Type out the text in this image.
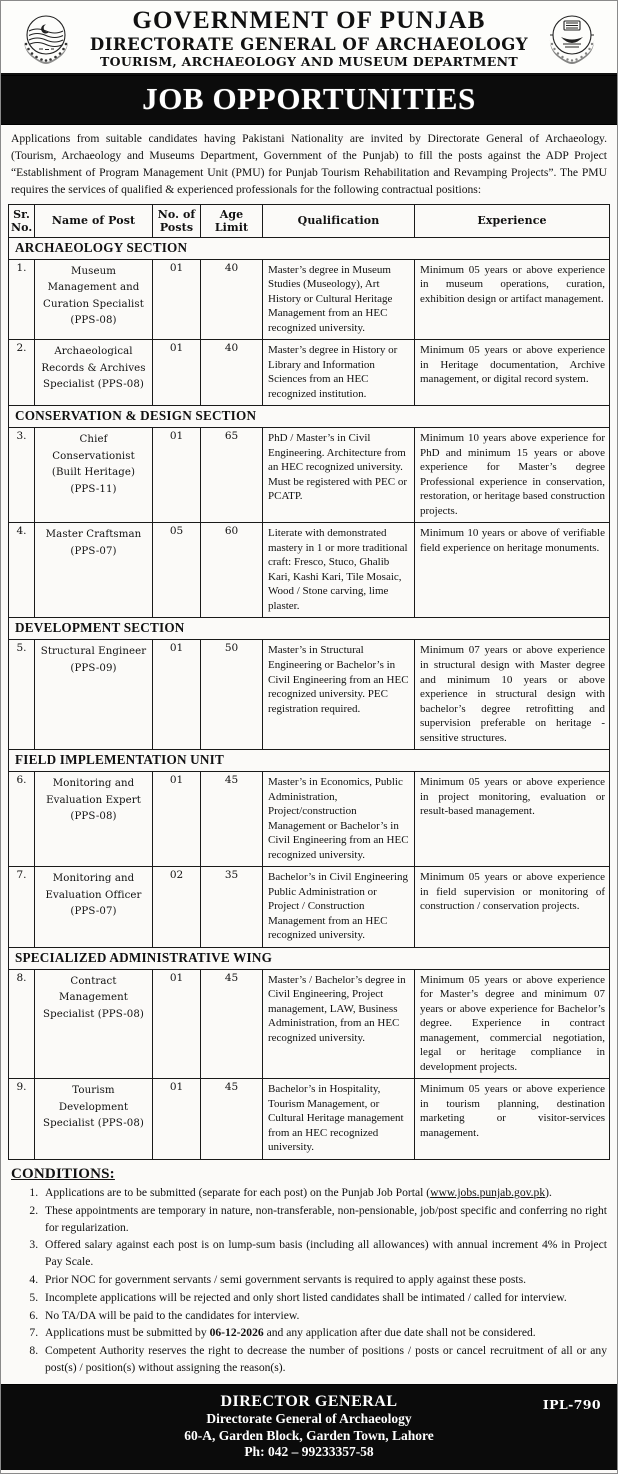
GOVERNMENT OF PUNJAB
DIRECTORATE GENERAL OF ARCHAEOLOGY
TOURISM, ARCHAEOLOGY AND MUSEUM DEPARTMENT
JOB OPPORTUNITIES
Applications from suitable candidates having Pakistani Nationality are invited by Directorate General of Archaeology. (Tourism, Archaeology and Museums Department, Government of the Punjab) to fill the posts against the ADP Project “Establishment of Program Management Unit (PMU) for Punjab Tourism Rehabilitation and Revamping Projects”. The PMU requires the services of qualified & experienced professionals for the following contractual positions:
Sr. No.	Name of Post	No. of Posts	Age Limit	Qualification	Experience
ARCHAEOLOGY SECTION					
1.	Museum Management and Curation Specialist (PPS-08)	01	40	Master’s degree in Museum Studies (Museology), Art History or Cultural Heritage Management from an HEC recognized university.	Minimum 05 years or above experience in museum operations, curation, exhibition design or artifact management.
2.	Archaeological Records & Archives Specialist (PPS-08)	01	40	Master’s degree in History or Library and Information Sciences from an HEC recognized institution.	Minimum 05 years or above experience in Heritage documentation, Archive management, or digital record system.
CONSERVATION & DESIGN SECTION					
3.	Chief Conservationist (Built Heritage) (PPS-11)	01	65	PhD / Master’s in Civil Engineering. Architecture from an HEC recognized university. Must be registered with PEC or PCATP.	Minimum 10 years above experience for PhD and minimum 15 years or above experience for Master’s degree Professional experience in conservation, restoration, or heritage based construction projects.
4.	Master Craftsman (PPS-07)	05	60	Literate with demonstrated mastery in 1 or more traditional craft: Fresco, Stuco, Ghalib Kari, Kashi Kari, Tile Mosaic, Wood / Stone carving, lime plaster.	Minimum 10 years or above of verifiable field experience on heritage monuments.
DEVELOPMENT SECTION					
5.	Structural Engineer (PPS-09)	01	50	Master’s in Structural Engineering or Bachelor’s in Civil Engineering from an HEC recognized university. PEC registration required.	Minimum 07 years or above experience in structural design with Master degree and minimum 10 years or above experience in structural design with bachelor’s degree retrofitting and supervision preferable on heritage -sensitive structures.
FIELD IMPLEMENTATION UNIT					
6.	Monitoring and Evaluation Expert (PPS-08)	01	45	Master’s in Economics, Public Administration, Project/construction Management or Bachelor’s in Civil Engineering from an HEC recognized university.	Minimum 05 years or above experience in project monitoring, evaluation or result-based management.
7.	Monitoring and Evaluation Officer (PPS-07)	02	35	Bachelor’s in Civil Engineering Public Administration or Project / Construction Management from an HEC recognized university.	Minimum 05 years or above experience in field supervision or monitoring of construction / conservation projects.
SPECIALIZED ADMINISTRATIVE WING					
8.	Contract Management Specialist (PPS-08)	01	45	Master’s / Bachelor’s degree in Civil Engineering, Project management, LAW, Business Administration, from an HEC recognized university.	Minimum 05 years or above experience for Master’s degree and minimum 07 years or above experience for Bachelor’s degree. Experience in contract management, commercial negotiation, legal or heritage compliance in development projects.
9.	Tourism Development Specialist (PPS-08)	01	45	Bachelor’s in Hospitality, Tourism Management, or Cultural Heritage management from an HEC recognized university.	Minimum 05 years or above experience in tourism planning, destination marketing or visitor-services management.
CONDITIONS:
1. Applications are to be submitted (separate for each post) on the Punjab Job Portal (www.jobs.punjab.gov.pk).
2. These appointments are temporary in nature, non-transferable, non-pensionable, job/post specific and conferring no right for regularization.
3. Offered salary against each post is on lump-sum basis (including all allowances) with annual increment 4% in Project Pay Scale.
4. Prior NOC for government servants / semi government servants is required to apply against these posts.
5. Incomplete applications will be rejected and only short listed candidates shall be intimated / called for interview.
6. No TA/DA will be paid to the candidates for interview.
7. Applications must be submitted by 06-12-2026 and any application after due date shall not be considered.
8. Competent Authority reserves the right to decrease the number of positions / posts or cancel recruitment of all or any post(s) / position(s) without assigning the reason(s).
DIRECTOR GENERAL
Directorate General of Archaeology
60-A, Garden Block, Garden Town, Lahore
Ph: 042 – 99233357-58
IPL-790
